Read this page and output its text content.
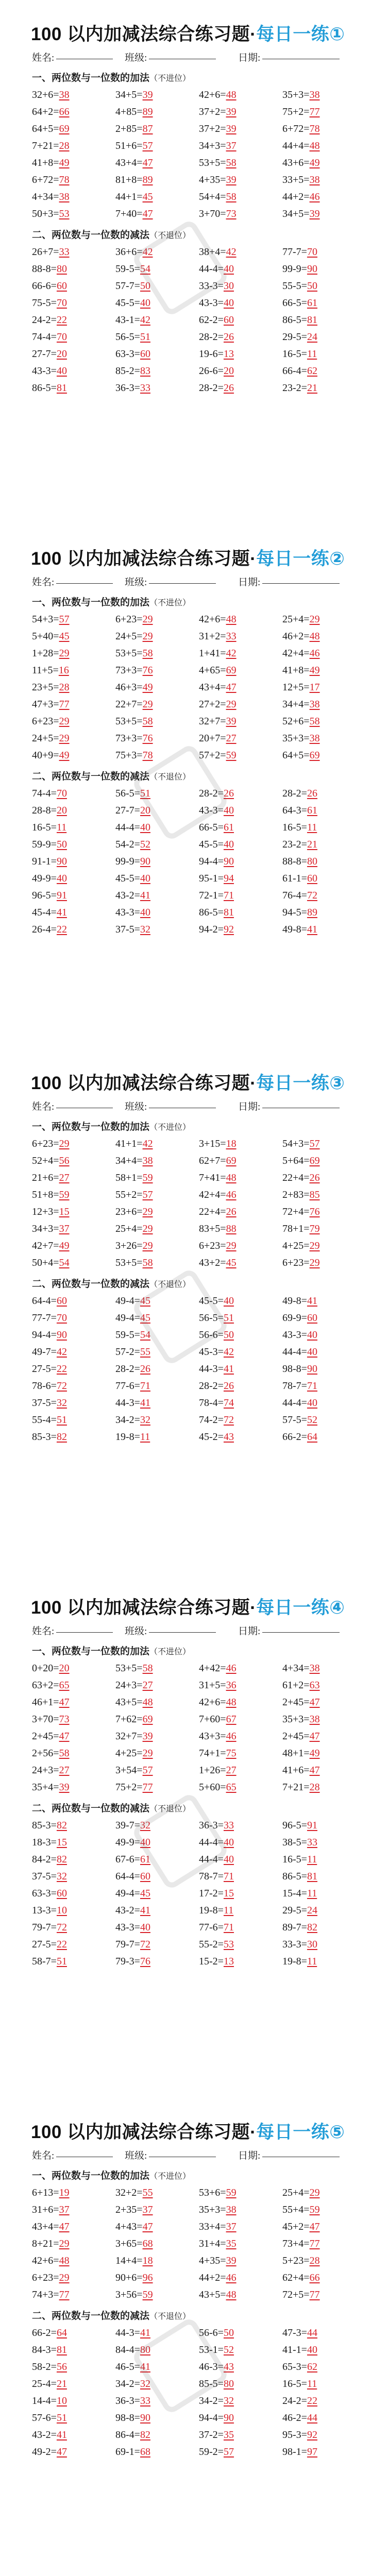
100 以内加减法综合练习题·每日一练①
姓名:	班级:	日期:
一、两位数与一位数的加法（不进位）
32+6=38	34+5=39	42+6=48	35+3=38
64+2=66	4+85=89	37+2=39	75+2=77
64+5=69	2+85=87	37+2=39	6+72=78
7+21=28	51+6=57	34+3=37	44+4=48
41+8=49	43+4=47	53+5=58	43+6=49
6+72=78	81+8=89	4+35=39	33+5=38
4+34=38	44+1=45	54+4=58	44+2=46
50+3=53	7+40=47	3+70=73	34+5=39
二、两位数与一位数的减法（不退位）
26+7=33	36+6=42	38+4=42	77-7=70
88-8=80	59-5=54	44-4=40	99-9=90
66-6=60	57-7=50	33-3=30	55-5=50
75-5=70	45-5=40	43-3=40	66-5=61
24-2=22	43-1=42	62-2=60	86-5=81
74-4=70	56-5=51	28-2=26	29-5=24
27-7=20	63-3=60	19-6=13	16-5=11
43-3=40	85-2=83	26-6=20	66-4=62
86-5=81	36-3=33	28-2=26	23-2=21
100 以内加减法综合练习题·每日一练②
姓名:	班级:	日期:
一、两位数与一位数的加法（不进位）
54+3=57	6+23=29	42+6=48	25+4=29
5+40=45	24+5=29	31+2=33	46+2=48
1+28=29	53+5=58	1+41=42	42+4=46
11+5=16	73+3=76	4+65=69	41+8=49
23+5=28	46+3=49	43+4=47	12+5=17
47+3=77	22+7=29	27+2=29	34+4=38
6+23=29	53+5=58	32+7=39	52+6=58
24+5=29	73+3=76	20+7=27	35+3=38
40+9=49	75+3=78	57+2=59	64+5=69
二、两位数与一位数的减法（不退位）
74-4=70	56-5=51	28-2=26	28-2=26
28-8=20	27-7=20	43-3=40	64-3=61
16-5=11	44-4=40	66-5=61	16-5=11
59-9=50	54-2=52	45-5=40	23-2=21
91-1=90	99-9=90	94-4=90	88-8=80
49-9=40	45-5=40	95-1=94	61-1=60
96-5=91	43-2=41	72-1=71	76-4=72
45-4=41	43-3=40	86-5=81	94-5=89
26-4=22	37-5=32	94-2=92	49-8=41
100 以内加减法综合练习题·每日一练③
姓名:	班级:	日期:
一、两位数与一位数的加法（不进位）
6+23=29	41+1=42	3+15=18	54+3=57
52+4=56	34+4=38	62+7=69	5+64=69
21+6=27	58+1=59	7+41=48	22+4=26
51+8=59	55+2=57	42+4=46	2+83=85
12+3=15	23+6=29	22+4=26	72+4=76
34+3=37	25+4=29	83+5=88	78+1=79
42+7=49	3+26=29	6+23=29	4+25=29
50+4=54	53+5=58	43+2=45	6+23=29
二、两位数与一位数的减法（不退位）
64-4=60	49-4=45	45-5=40	49-8=41
77-7=70	49-4=45	56-5=51	69-9=60
94-4=90	59-5=54	56-6=50	43-3=40
49-7=42	57-2=55	45-3=42	44-4=40
27-5=22	28-2=26	44-3=41	98-8=90
78-6=72	77-6=71	28-2=26	78-7=71
37-5=32	44-3=41	78-4=74	44-4=40
55-4=51	34-2=32	74-2=72	57-5=52
85-3=82	19-8=11	45-2=43	66-2=64
100 以内加减法综合练习题·每日一练④
姓名:	班级:	日期:
一、两位数与一位数的加法（不进位）
0+20=20	53+5=58	4+42=46	4+34=38
63+2=65	24+3=27	31+5=36	61+2=63
46+1=47	43+5=48	42+6=48	2+45=47
3+70=73	7+62=69	7+60=67	35+3=38
2+45=47	32+7=39	43+3=46	2+45=47
2+56=58	4+25=29	74+1=75	48+1=49
24+3=27	3+54=57	1+26=27	41+6=47
35+4=39	75+2=77	5+60=65	7+21=28
二、两位数与一位数的减法（不退位）
85-3=82	39-7=32	36-3=33	96-5=91
18-3=15	49-9=40	44-4=40	38-5=33
84-2=82	67-6=61	44-4=40	16-5=11
37-5=32	64-4=60	78-7=71	86-5=81
63-3=60	49-4=45	17-2=15	15-4=11
13-3=10	43-2=41	19-8=11	29-5=24
79-7=72	43-3=40	77-6=71	89-7=82
27-5=22	79-7=72	55-2=53	33-3=30
58-7=51	79-3=76	15-2=13	19-8=11
100 以内加减法综合练习题·每日一练⑤
姓名:	班级:	日期:
一、两位数与一位数的加法（不进位）
6+13=19	32+2=55	53+6=59	25+4=29
31+6=37	2+35=37	35+3=38	55+4=59
43+4=47	4+43=47	33+4=37	45+2=47
8+21=29	3+65=68	31+4=35	73+4=77
42+6=48	14+4=18	4+35=39	5+23=28
6+23=29	90+6=96	44+2=46	62+4=66
74+3=77	3+56=59	43+5=48	72+5=77
二、两位数与一位数的减法（不退位）
66-2=64	44-3=41	56-6=50	47-3=44
84-3=81	84-4=80	53-1=52	41-1=40
58-2=56	46-5=41	46-3=43	65-3=62
25-4=21	34-2=32	85-5=80	16-5=11
14-4=10	36-3=33	34-2=32	24-2=22
57-6=51	98-8=90	94-4=90	46-2=44
43-2=41	86-4=82	37-2=35	95-3=92
49-2=47	69-1=68	59-2=57	98-1=97
